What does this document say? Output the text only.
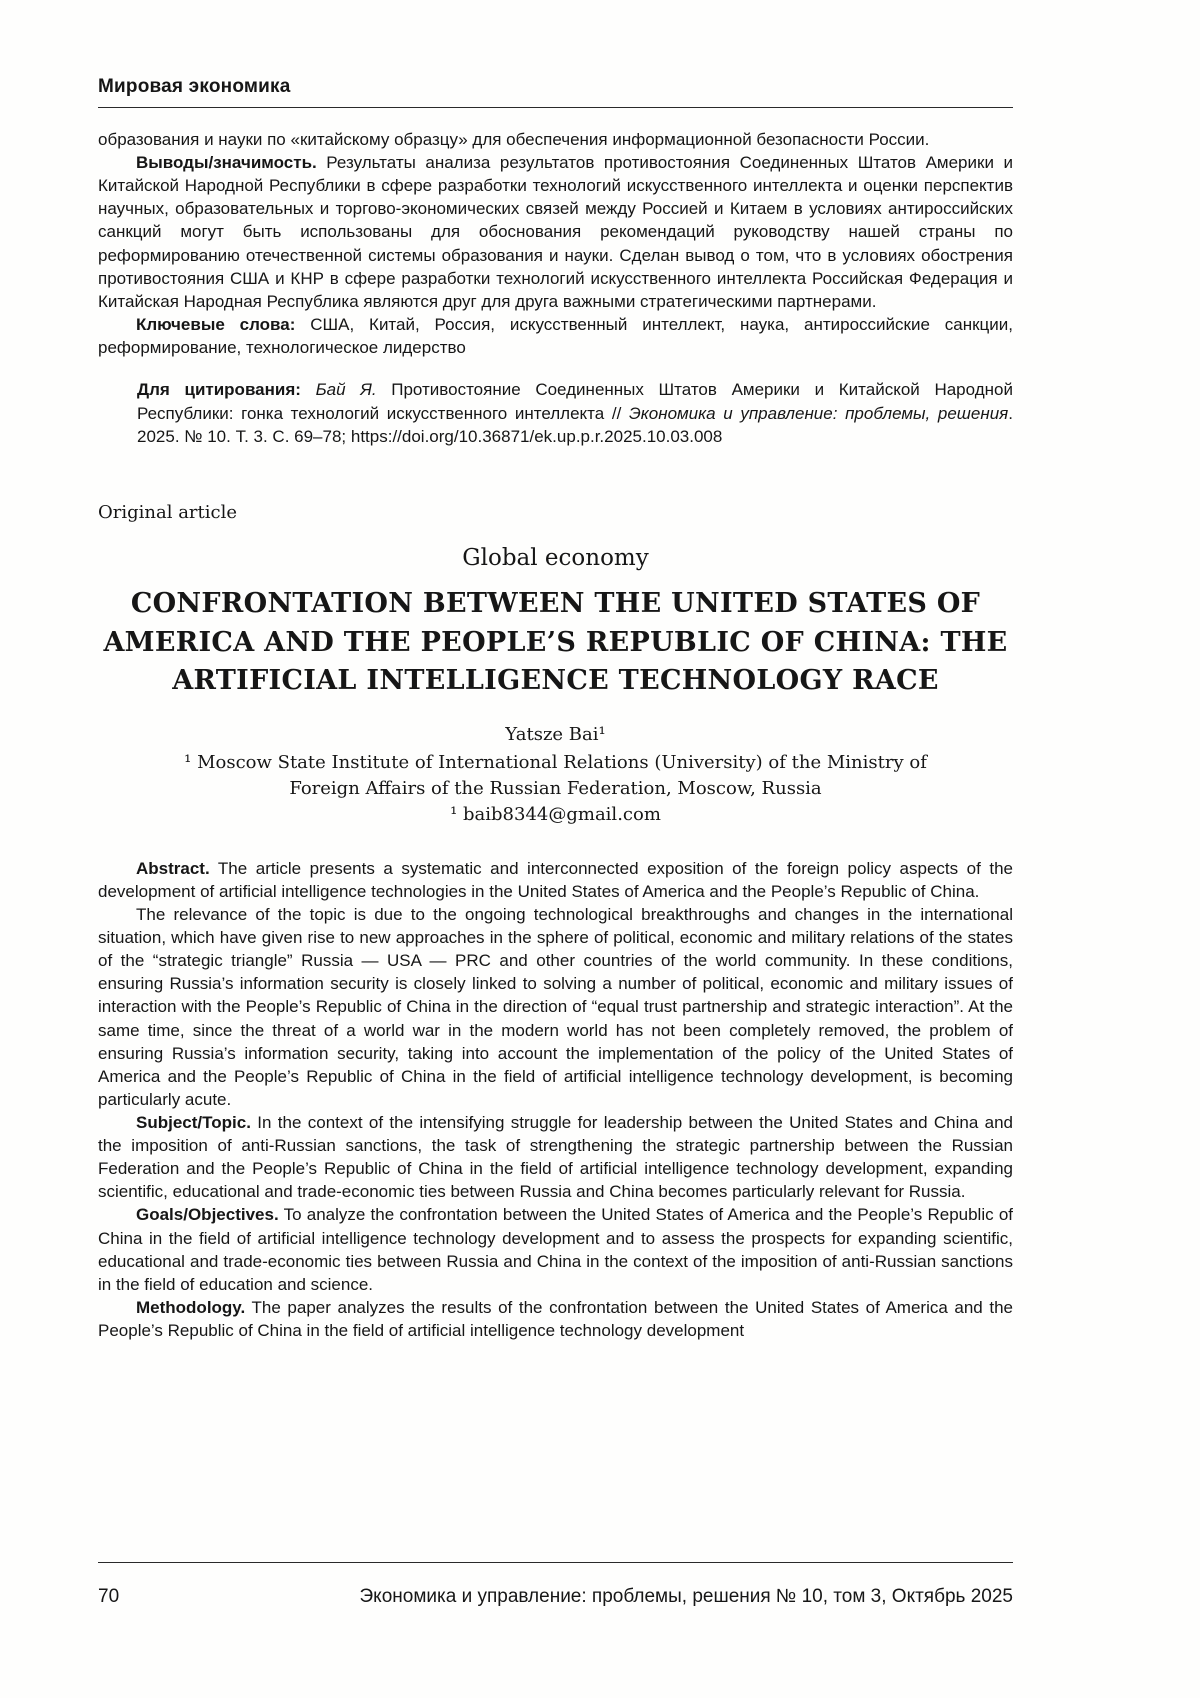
Мировая экономика

образования и науки по «китайскому образцу» для обеспечения информационной безопасности России.

Выводы/значимость. Результаты анализа результатов противостояния Соединенных Штатов Америки и Китайской Народной Республики в сфере разработки технологий искусственного интеллекта и оценки перспектив научных, образовательных и торгово-экономических связей между Россией и Китаем в условиях антироссийских санкций могут быть использованы для обоснования рекомендаций руководству нашей страны по реформированию отечественной системы образования и науки. Сделан вывод о том, что в условиях обострения противостояния США и КНР в сфере разработки технологий искусственного интеллекта Российская Федерация и Китайская Народная Республика являются друг для друга важными стратегическими партнерами.

Ключевые слова: США, Китай, Россия, искусственный интеллект, наука, антироссийские санкции, реформирование, технологическое лидерство

Для цитирования: Бай Я. Противостояние Соединенных Штатов Америки и Китайской Народной Республики: гонка технологий искусственного интеллекта // Экономика и управление: проблемы, решения. 2025. № 10. Т. 3. С. 69–78; https://doi.org/10.36871/ek.up.p.r.2025.10.03.008

Original article
Global economy
CONFRONTATION BETWEEN THE UNITED STATES OF AMERICA AND THE PEOPLE’S REPUBLIC OF CHINA: THE ARTIFICIAL INTELLIGENCE TECHNOLOGY RACE
Yatsze Bai¹
¹ Moscow State Institute of International Relations (University) of the Ministry of Foreign Affairs of the Russian Federation, Moscow, Russia
¹ baib8344@gmail.com

Abstract. The article presents a systematic and interconnected exposition of the foreign policy aspects of the development of artificial intelligence technologies in the United States of America and the People’s Republic of China.

The relevance of the topic is due to the ongoing technological breakthroughs and changes in the international situation, which have given rise to new approaches in the sphere of political, economic and military relations of the states of the “strategic triangle” Russia — USA — PRC and other countries of the world community. In these conditions, ensuring Russia’s information security is closely linked to solving a number of political, economic and military issues of interaction with the People’s Republic of China in the direction of “equal trust partnership and strategic interaction”. At the same time, since the threat of a world war in the modern world has not been completely removed, the problem of ensuring Russia’s information security, taking into account the implementation of the policy of the United States of America and the People’s Republic of China in the field of artificial intelligence technology development, is becoming particularly acute.

Subject/Topic. In the context of the intensifying struggle for leadership between the United States and China and the imposition of anti-Russian sanctions, the task of strengthening the strategic partnership between the Russian Federation and the People’s Republic of China in the field of artificial intelligence technology development, expanding scientific, educational and trade-economic ties between Russia and China becomes particularly relevant for Russia.

Goals/Objectives. To analyze the confrontation between the United States of America and the People’s Republic of China in the field of artificial intelligence technology development and to assess the prospects for expanding scientific, educational and trade-economic ties between Russia and China in the context of the imposition of anti-Russian sanctions in the field of education and science.

Methodology. The paper analyzes the results of the confrontation between the United States of America and the People’s Republic of China in the field of artificial intelligence technology development

70	Экономика и управление: проблемы, решения № 10, том 3, Октябрь 2025
